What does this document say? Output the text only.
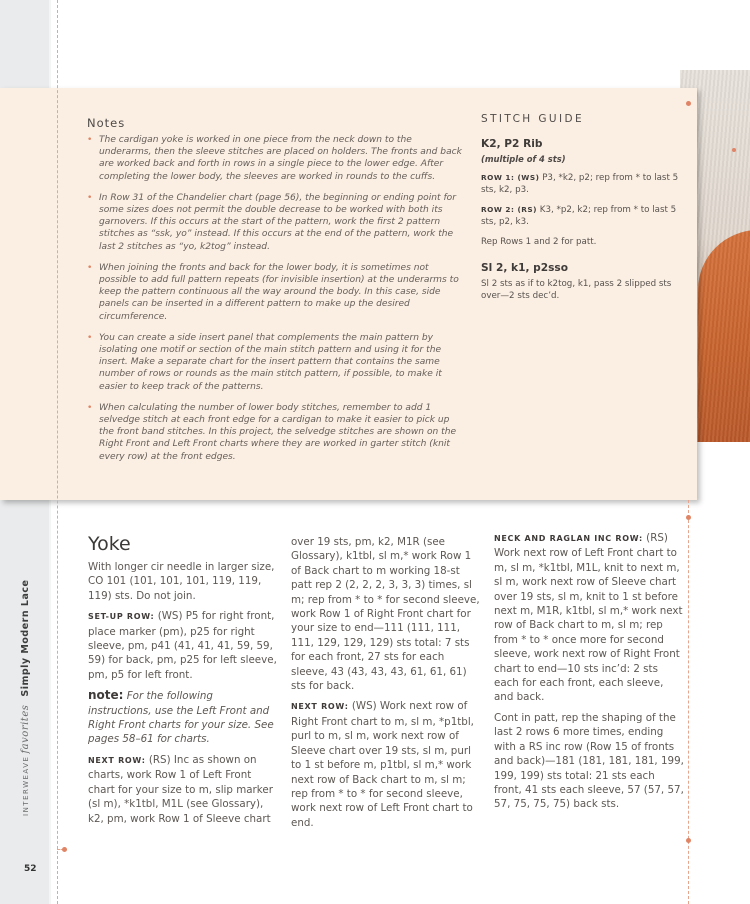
INTERWEAVEfavoritesSimply Modern Lace
52
Notes

• The cardigan yoke is worked in one piece from the neck down to the underarms, then the sleeve stitches are placed on holders. The fronts and back are worked back and forth in rows in a single piece to the lower edge. After completing the lower body, the sleeves are worked in rounds to the cuffs.

• In Row 31 of the Chandelier chart (page 56), the beginning or ending point for some sizes does not permit the double decrease to be worked with both its garnovers. If this occurs at the start of the pattern, work the first 2 pattern stitches as “ssk, yo” instead. If this occurs at the end of the pattern, work the last 2 stitches as “yo, k2tog” instead.

• When joining the fronts and back for the lower body, it is sometimes not possible to add full pattern repeats (for invisible insertion) at the underarms to keep the pattern continuous all the way around the body. In this case, side panels can be inserted in a different pattern to make up the desired circumference.

• You can create a side insert panel that complements the main pattern by isolating one motif or section of the main stitch pattern and using it for the insert. Make a separate chart for the insert pattern that contains the same number of rows or rounds as the main stitch pattern, if possible, to make it easier to keep track of the patterns.

• When calculating the number of lower body stitches, remember to add 1 selvedge stitch at each front edge for a cardigan to make it easier to pick up the front band stitches. In this project, the selvedge stitches are shown on the Right Front and Left Front charts where they are worked in garter stitch (knit every row) at the front edges.

STITCH GUIDE
K2, P2 Rib
(multiple of 4 sts)

ROW 1: (WS) P3, *k2, p2; rep from * to last 5 sts, k2, p3.

ROW 2: (RS) K3, *p2, k2; rep from * to last 5 sts, p2, k3.

Rep Rows 1 and 2 for patt.

Sl 2, k1, p2sso

Sl 2 sts as if to k2tog, k1, pass 2 slipped sts over—2 sts dec’d.

Yoke

With longer cir needle in larger size, CO 101 (101, 101, 101, 119, 119, 119) sts. Do not join.

SET-UP ROW: (WS) P5 for right front, place marker (pm), p25 for right sleeve, pm, p41 (41, 41, 41, 59, 59, 59) for back, pm, p25 for left sleeve, pm, p5 for left front.

note: For the following instructions, use the Left Front and Right Front charts for your size. See pages 58–61 for charts.

NEXT ROW: (RS) Inc as shown on charts, work Row 1 of Left Front chart for your size to m, slip marker (sl m), *k1tbl, M1L (see Glossary), k2, pm, work Row 1 of Sleeve chart

over 19 sts, pm, k2, M1R (see Glossary), k1tbl, sl m,* work Row 1 of Back chart to m working 18-st patt rep 2 (2, 2, 2, 3, 3, 3) times, sl m; rep from * to * for second sleeve, work Row 1 of Right Front chart for your size to end—111 (111, 111, 111, 129, 129, 129) sts total: 7 sts for each front, 27 sts for each sleeve, 43 (43, 43, 43, 61, 61, 61) sts for back.

NEXT ROW: (WS) Work next row of Right Front chart to m, sl m, *p1tbl, purl to m, sl m, work next row of Sleeve chart over 19 sts, sl m, purl to 1 st before m, p1tbl, sl m,* work next row of Back chart to m, sl m; rep from * to * for second sleeve, work next row of Left Front chart to end.

NECK AND RAGLAN INC ROW: (RS) Work next row of Left Front chart to m, sl m, *k1tbl, M1L, knit to next m, sl m, work next row of Sleeve chart over 19 sts, sl m, knit to 1 st before next m, M1R, k1tbl, sl m,* work next row of Back chart to m, sl m; rep from * to * once more for second sleeve, work next row of Right Front chart to end—10 sts inc’d: 2 sts each for each front, each sleeve, and back.

Cont in patt, rep the shaping of the last 2 rows 6 more times, ending with a RS inc row (Row 15 of fronts and back)—181 (181, 181, 181, 199, 199, 199) sts total: 21 sts each front, 41 sts each sleeve, 57 (57, 57, 57, 75, 75, 75) back sts.
